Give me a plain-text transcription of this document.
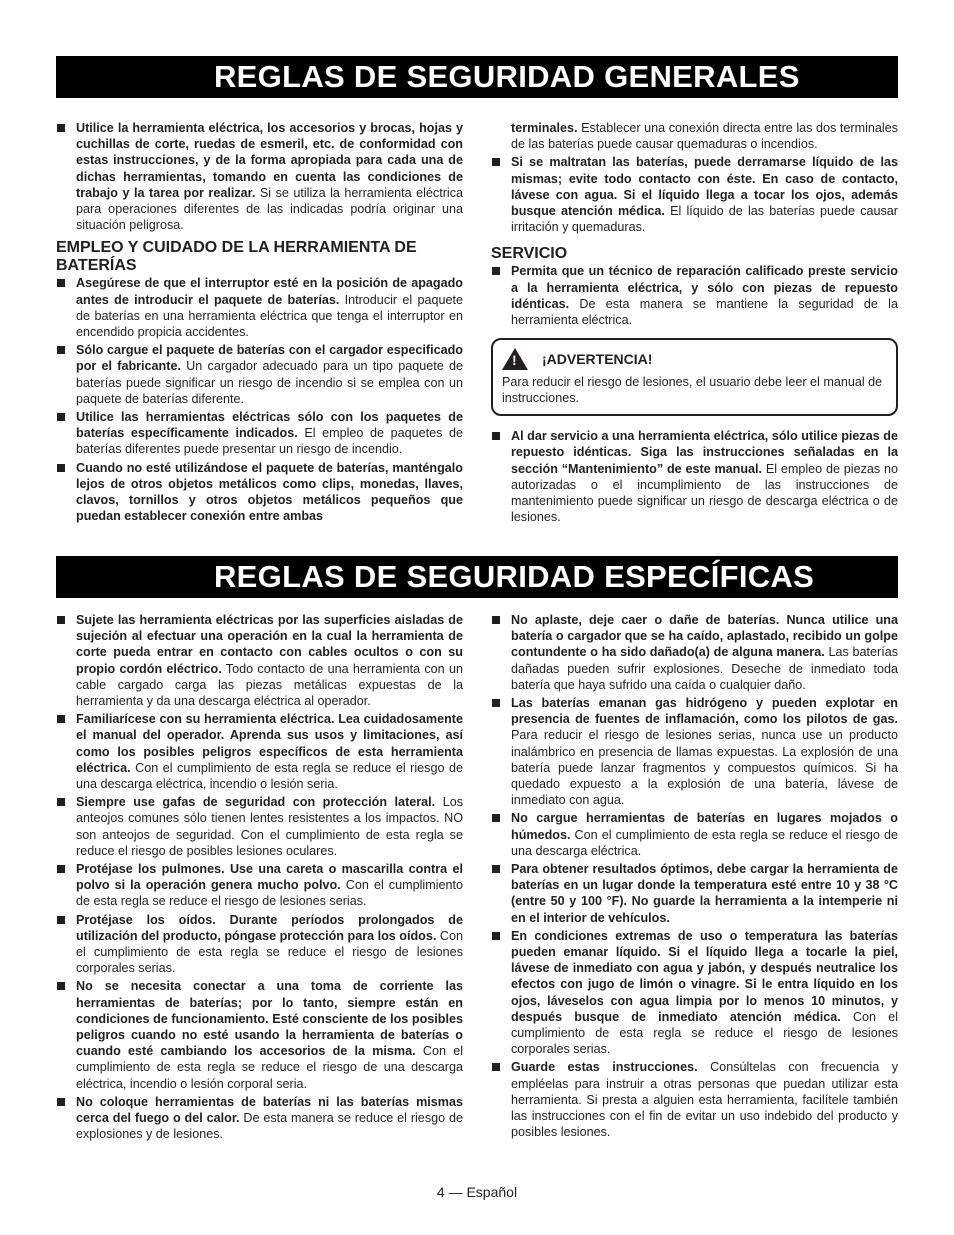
REGLAS DE SEGURIDAD GENERALES
Utilice la herramienta eléctrica, los accesorios y brocas, hojas y cuchillas de corte, ruedas de esmeril, etc. de conformidad con estas instrucciones, y de la forma apropiada para cada una de dichas herramientas, tomando en cuenta las condiciones de trabajo y la tarea por realizar. Si se utiliza la herramienta eléctrica para operaciones diferentes de las indicadas podría originar una situación peligrosa.
EMPLEO Y CUIDADO DE LA HERRAMIENTA DE BATERÍAS
Asegúrese de que el interruptor esté en la posición de apagado antes de introducir el paquete de baterías. Introducir el paquete de baterías en una herramienta eléctrica que tenga el interruptor en encendido propicia accidentes.
Sólo cargue el paquete de baterías con el cargador especificado por el fabricante. Un cargador adecuado para un tipo paquete de baterías puede significar un riesgo de incendio si se emplea con un paquete de baterías diferente.
Utilice las herramientas eléctricas sólo con los paquetes de baterías específicamente indicados. El empleo de paquetes de baterías diferentes puede presentar un riesgo de incendio.
Cuando no esté utilizándose el paquete de baterías, manténgalo lejos de otros objetos metálicos como clips, monedas, llaves, clavos, tornillos y otros objetos metálicos pequeños que puedan establecer conexión entre ambas
terminales. Establecer una conexión directa entre las dos terminales de las baterías puede causar quemaduras o incendios.
Si se maltratan las baterías, puede derramarse líquido de las mismas; evite todo contacto con éste. En caso de contacto, lávese con agua. Si el líquido llega a tocar los ojos, además busque atención médica. El líquido de las baterías puede causar irritación y quemaduras.
SERVICIO
Permita que un técnico de reparación calificado preste servicio a la herramienta eléctrica, y sólo con piezas de repuesto idénticas. De esta manera se mantiene la seguridad de la herramienta eléctrica.
! ¡ADVERTENCIA!
Para reducir el riesgo de lesiones, el usuario debe leer el manual de instrucciones.
Al dar servicio a una herramienta eléctrica, sólo utilice piezas de repuesto idénticas. Siga las instrucciones señaladas en la sección “Mantenimiento” de este manual. El empleo de piezas no autorizadas o el incumplimiento de las instrucciones de mantenimiento puede significar un riesgo de descarga eléctrica o de lesiones.
REGLAS DE SEGURIDAD ESPECÍFICAS
Sujete las herramienta eléctricas por las superficies aisladas de sujeción al efectuar una operación en la cual la herramienta de corte pueda entrar en contacto con cables ocultos o con su propio cordón eléctrico. Todo contacto de una herramienta con un cable cargado carga las piezas metálicas expuestas de la herramienta y da una descarga eléctrica al operador.
Familiarícese con su herramienta eléctrica. Lea cuidadosamente el manual del operador. Aprenda sus usos y limitaciones, así como los posibles peligros específicos de esta herramienta eléctrica. Con el cumplimiento de esta regla se reduce el riesgo de una descarga eléctrica, incendio o lesión seria.
Siempre use gafas de seguridad con protección lateral. Los anteojos comunes sólo tienen lentes resistentes a los impactos. NO son anteojos de seguridad. Con el cumplimiento de esta regla se reduce el riesgo de posibles lesiones oculares.
Protéjase los pulmones. Use una careta o mascarilla contra el polvo si la operación genera mucho polvo. Con el cumplimiento de esta regla se reduce el riesgo de lesiones serias.
Protéjase los oídos. Durante períodos prolongados de utilización del producto, póngase protección para los oídos. Con el cumplimiento de esta regla se reduce el riesgo de lesiones corporales serias.
No se necesita conectar a una toma de corriente las herramientas de baterías; por lo tanto, siempre están en condiciones de funcionamiento. Esté consciente de los posibles peligros cuando no esté usando la herramienta de baterías o cuando esté cambiando los accesorios de la misma. Con el cumplimiento de esta regla se reduce el riesgo de una descarga eléctrica, incendio o lesión corporal seria.
No coloque herramientas de baterías ni las baterías mismas cerca del fuego o del calor. De esta manera se reduce el riesgo de explosiones y de lesiones.
No aplaste, deje caer o dañe de baterías. Nunca utilice una batería o cargador que se ha caído, aplastado, recibido un golpe contundente o ha sido dañado(a) de alguna manera. Las baterías dañadas pueden sufrir explosiones. Deseche de inmediato toda batería que haya sufrido una caída o cualquier daño.
Las baterías emanan gas hidrógeno y pueden explotar en presencia de fuentes de inflamación, como los pilotos de gas. Para reducir el riesgo de lesiones serias, nunca use un producto inalámbrico en presencia de llamas expuestas. La explosión de una batería puede lanzar fragmentos y compuestos químicos. Si ha quedado expuesto a la explosión de una batería, lávese de inmediato con agua.
No cargue herramientas de baterías en lugares mojados o húmedos. Con el cumplimiento de esta regla se reduce el riesgo de una descarga eléctrica.
Para obtener resultados óptimos, debe cargar la herramienta de baterías en un lugar donde la temperatura esté entre 10 y 38 °C (entre 50 y 100 °F). No guarde la herramienta a la intemperie ni en el interior de vehículos.
En condiciones extremas de uso o temperatura las baterías pueden emanar líquido. Si el líquido llega a tocarle la piel, lávese de inmediato con agua y jabón, y después neutralice los efectos con jugo de limón o vinagre. Si le entra líquido en los ojos, láveselos con agua limpia por lo menos 10 minutos, y después busque de inmediato atención médica. Con el cumplimiento de esta regla se reduce el riesgo de lesiones corporales serias.
Guarde estas instrucciones. Consúltelas con frecuencia y empléelas para instruir a otras personas que puedan utilizar esta herramienta. Si presta a alguien esta herramienta, facilítele también las instrucciones con el fin de evitar un uso indebido del producto y posibles lesiones.
4 — Español
